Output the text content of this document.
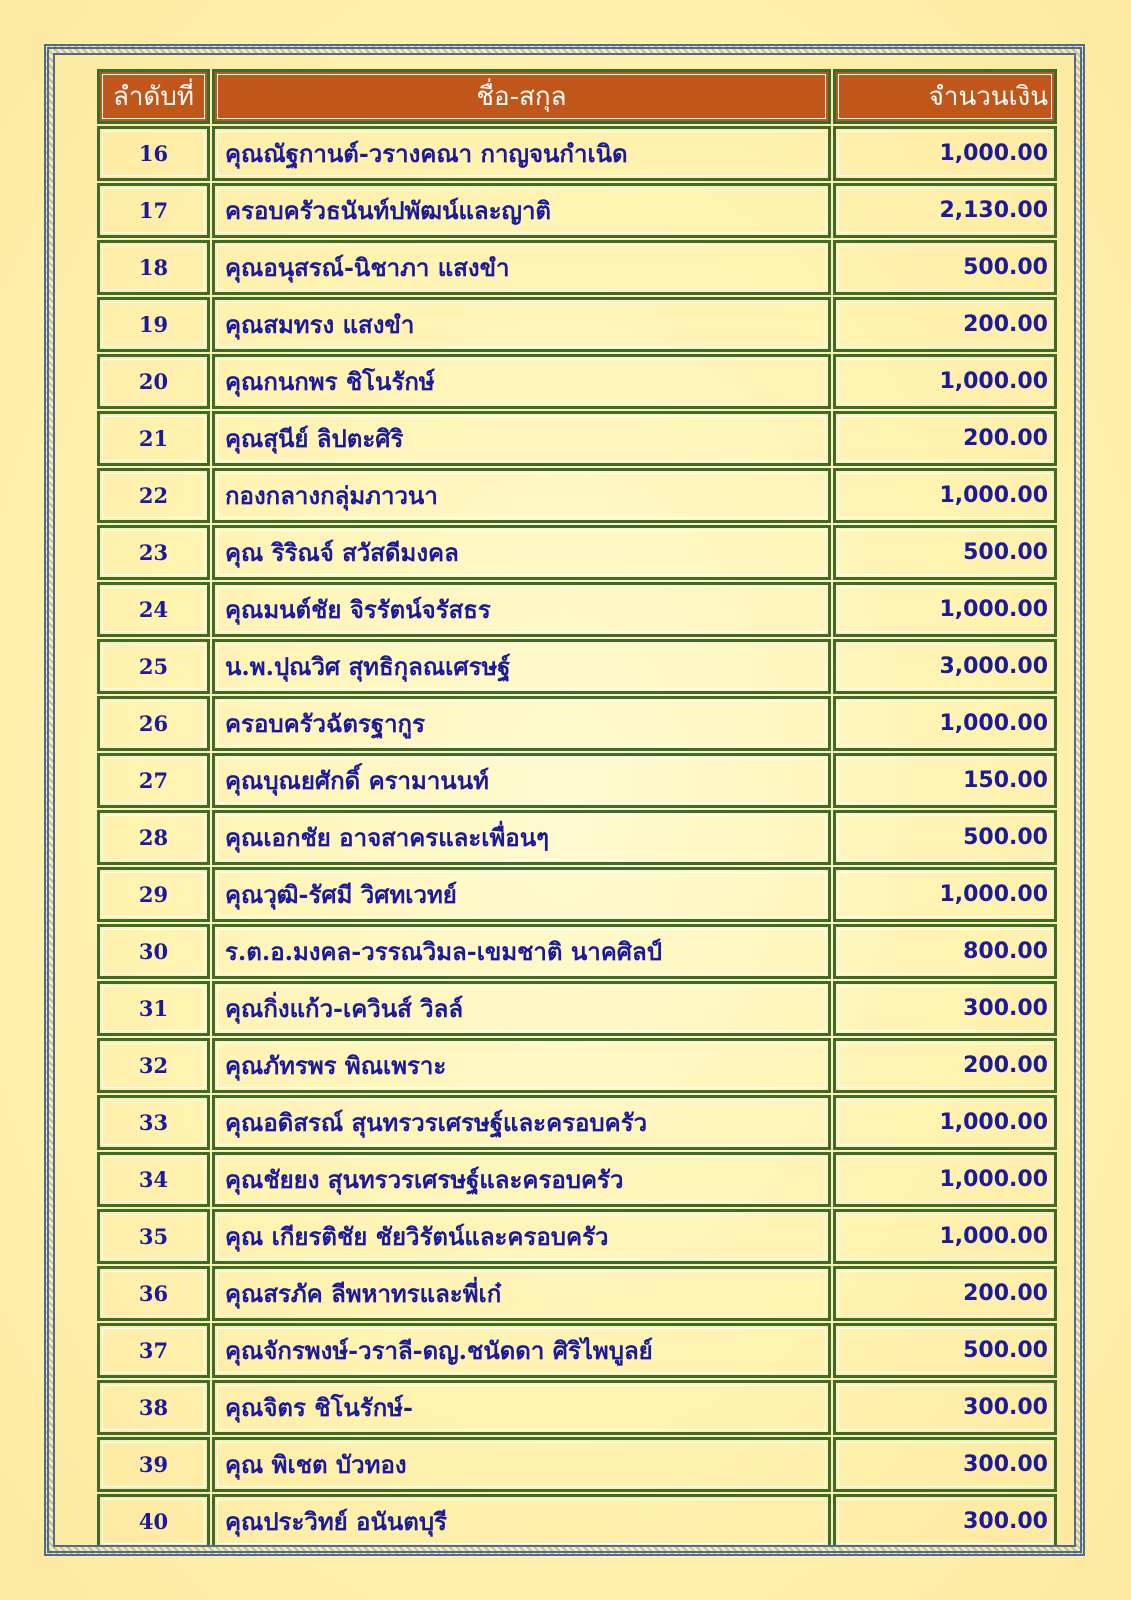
ลำดับที่	ชื่อ-สกุล	จำนวนเงิน
16	คุณณัฐกานต์-วรางคณา กาญจนกำเนิด	1,000.00
17	ครอบครัวธนันท์ปพัฒน์และญาติ	2,130.00
18	คุณอนุสรณ์-นิชาภา แสงขำ	500.00
19	คุณสมทรง แสงขำ	200.00
20	คุณกนกพร ชิโนรักษ์	1,000.00
21	คุณสุนีย์ ลิปตะศิริ	200.00
22	กองกลางกลุ่มภาวนา	1,000.00
23	คุณ ริริณจ์ สวัสดีมงคล	500.00
24	คุณมนต์ชัย จิรรัตน์จรัสธร	1,000.00
25	น.พ.ปุณวิศ สุทธิกุลณเศรษฐ์	3,000.00
26	ครอบครัวฉัตรฐากูร	1,000.00
27	คุณบุณยศักดิ์ ครามานนท์	150.00
28	คุณเอกชัย อาจสาครและเพื่อนๆ	500.00
29	คุณวุฒิ-รัศมี วิศทเวทย์	1,000.00
30	ร.ต.อ.มงคล-วรรณวิมล-เขมชาติ นาคศิลป์	800.00
31	คุณกิ่งแก้ว-เควินส์ วิลล์	300.00
32	คุณภัทรพร พิณเพราะ	200.00
33	คุณอดิสรณ์ สุนทรวรเศรษฐ์และครอบครัว	1,000.00
34	คุณชัยยง สุนทรวรเศรษฐ์และครอบครัว	1,000.00
35	คุณ เกียรติชัย ชัยวิรัตน์และครอบครัว	1,000.00
36	คุณสรภัค ลีพหาทรและพี่เก๋	200.00
37	คุณจักรพงษ์-วราลี-ดญ.ชนัดดา ศิริไพบูลย์	500.00
38	คุณจิตร ชิโนรักษ์-	300.00
39	คุณ พิเชต บัวทอง	300.00
40	คุณประวิทย์ อนันตบุรี	300.00
